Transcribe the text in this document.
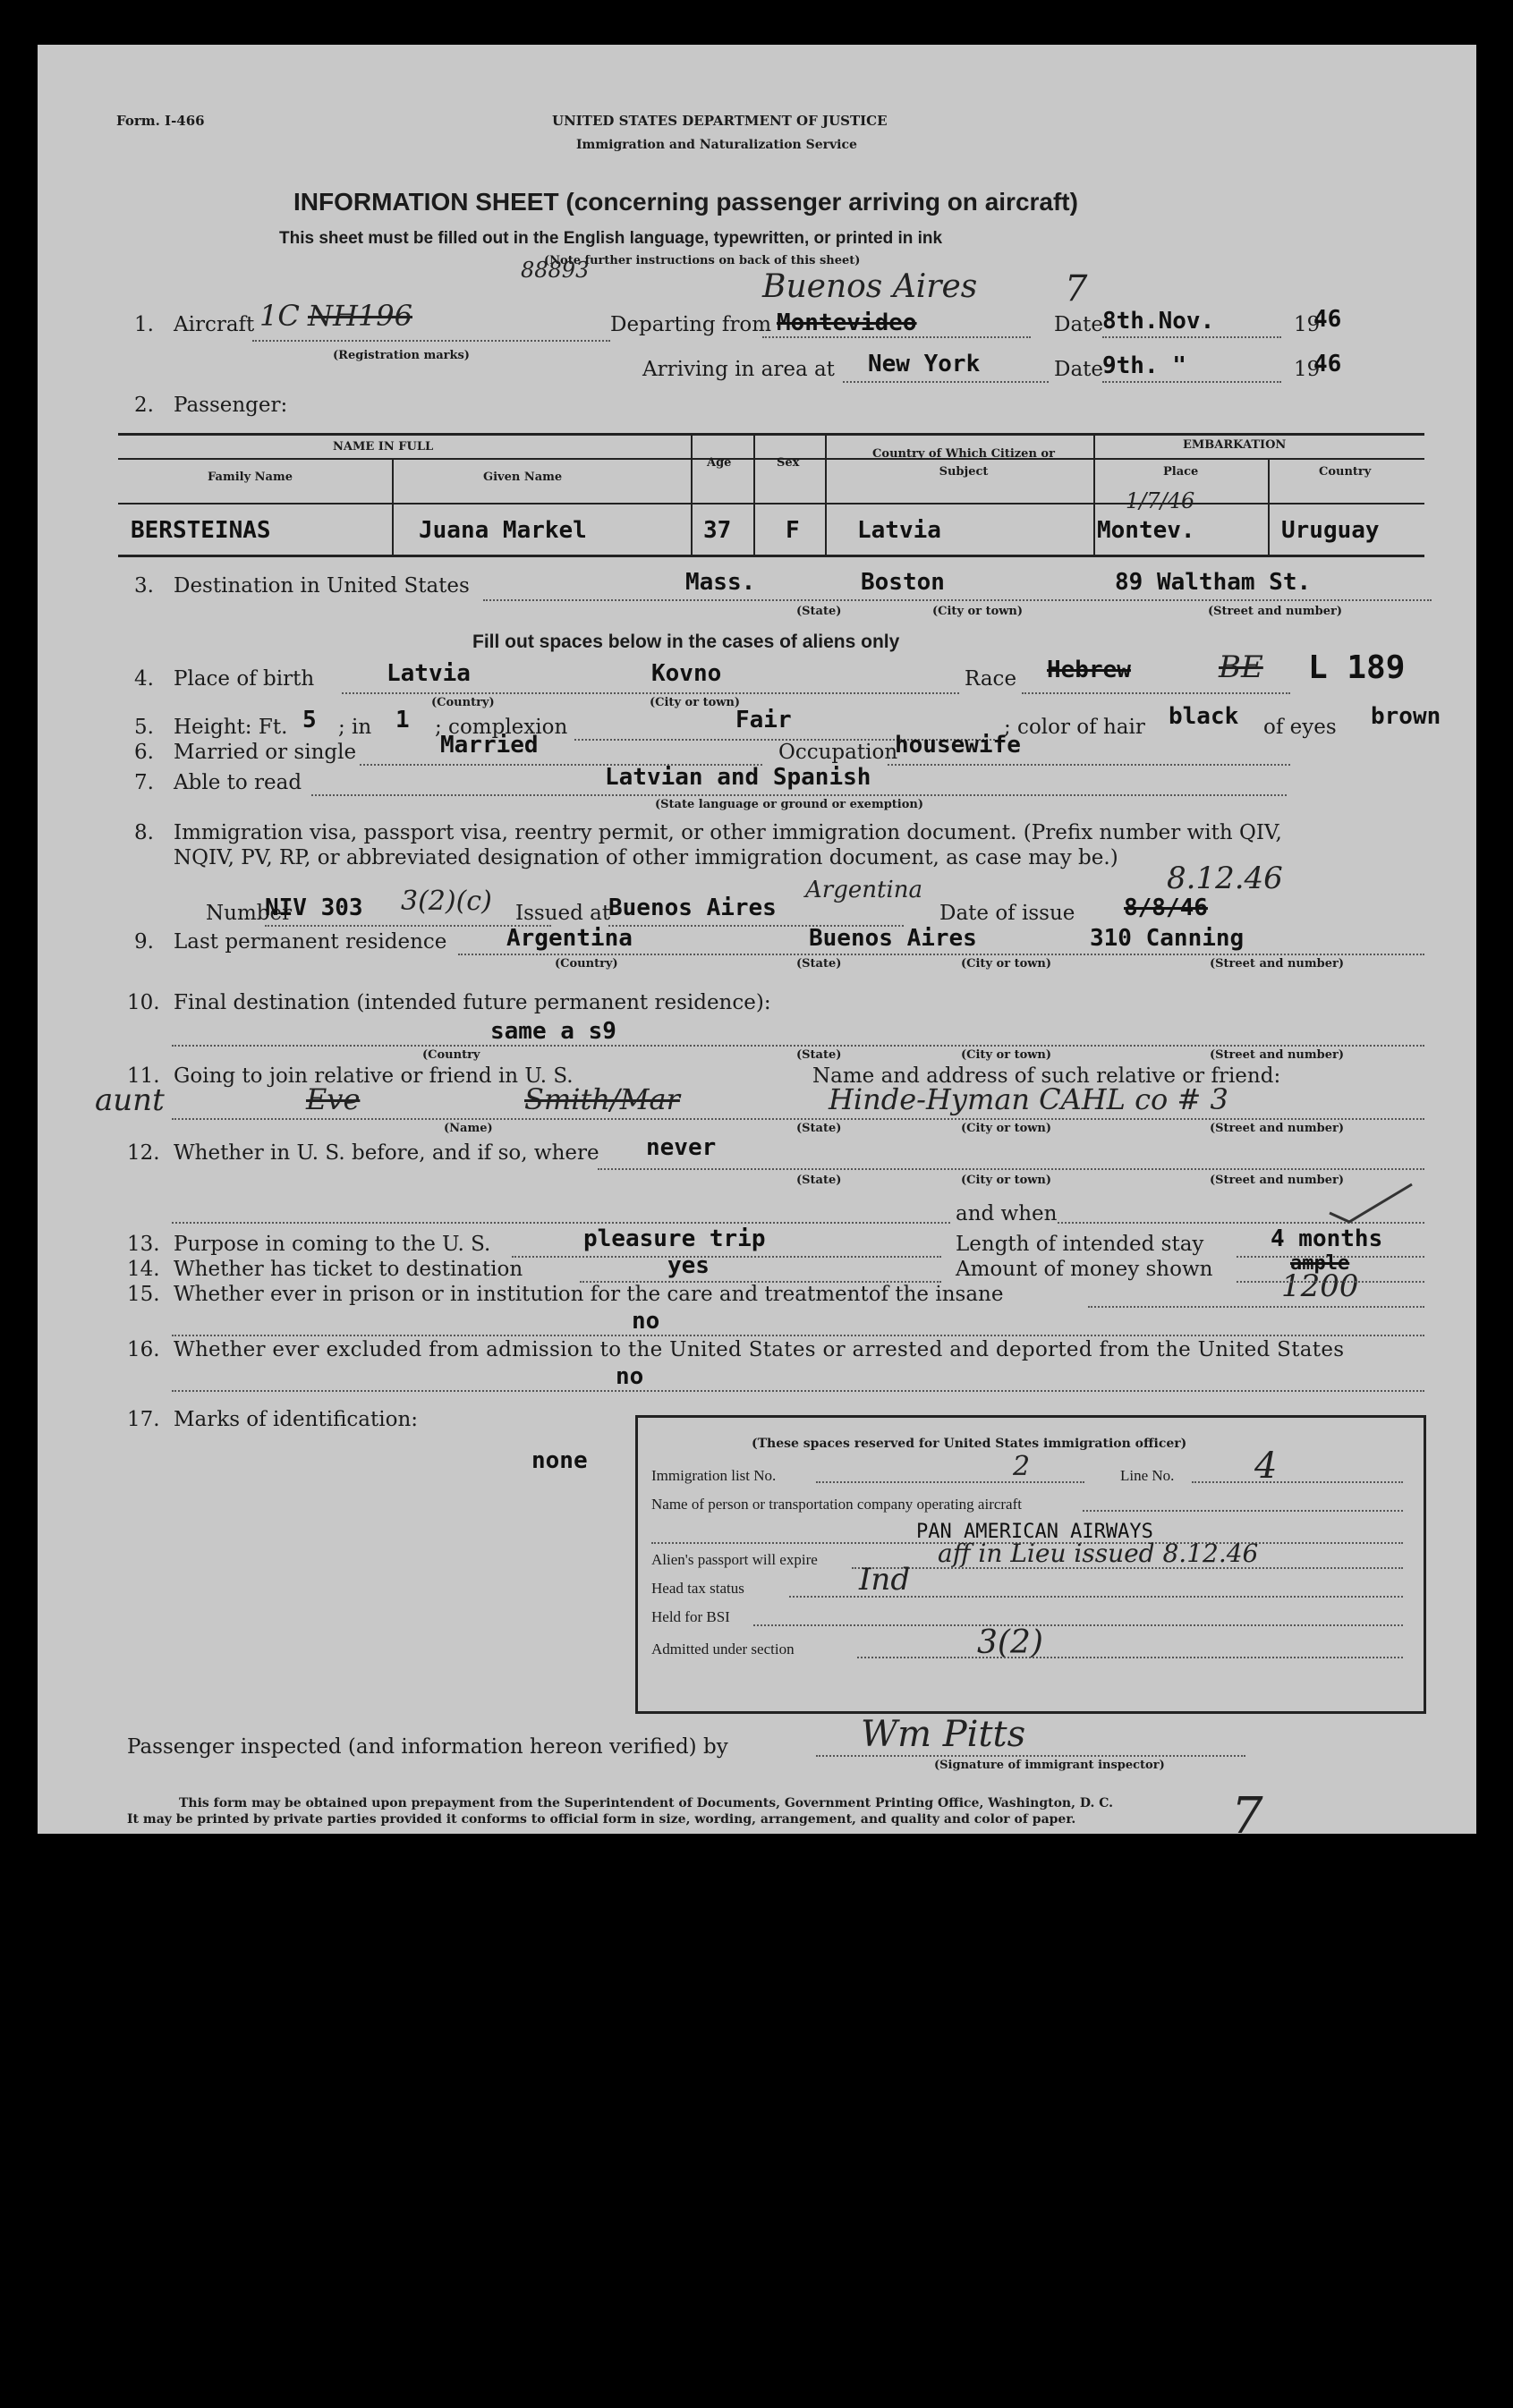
Form. I-466	UNITED STATES DEPARTMENT OF JUSTICE
Immigration and Naturalization Service
INFORMATION SHEET (concerning passenger arriving on aircraft)
This sheet must be filled out in the English language, typewritten, or printed in ink
(Note further instructions on back of this sheet)
1. Aircraft 1C NH196
88893
(Registration marks)
Departing from Montevideo
Buenos Aires 7
Date
8th.Nov.	19
46
Arriving in area at New York	Date
9th. "	19
46
2. Passenger:
NAME IN FULL	EMBARKATION
Family Name	Given Name
Age	Sex
Country of Which Citizen or Subject	Place	Country
BERSTEINAS	Juana Markel	37 F Latvia	Montev.	Uruguay
1/7/46
3. Destination in United States	Mass.	Boston	89 Waltham St.
(State)	(City or town)	(Street and number)
Fill out spaces below in the cases of aliens only
4. Place of birth	Latvia	Kovno
(Country)	(City or town)
Race Hebrew	BE L 189
5. Height: Ft. 5 ; in 1 ; complexion	Fair	; color of hair black of eyes brown
6. Married or single	Married	Occupation
housewife
7. Able to read	Latvian and Spanish
(State language or ground or exemption)
8. Immigration visa, passport visa, reentry permit, or other immigration document. (Prefix number with QIV,
NQIV, PV, RP, or abbreviated designation of other immigration document, as case may be.)
Number
NIV 303 3(2)(c) Issued at
Buenos Aires
Argentina
Date of issue 8/8/46
8.12.46
9. Last permanent residence	Argentina	Buenos Aires	310 Canning
(Country)	(State)	(City or town)	(Street and number)
10. Final destination (intended future permanent residence):
same a s9
(Country	(State)	(City or town)	(Street and number)
11. Going to join relative or friend in U. S.	Name and address of such relative or friend:
aunt	Eve	Smith/Mar	Hinde-Hyman CAHL co # 3
(Name)	(State)	(City or town)	(Street and number)
12. Whether in U. S. before, and if so, where never
(State)	(City or town)	(Street and number)
and when
13. Purpose in coming to the U. S.	pleasure trip	Length of intended stay	4 months
14. Whether has ticket to destination	yes	Amount of money shown	ample
1200
15. Whether ever in prison or in institution for the care and treatmentof the insane
no
16. Whether ever excluded from admission to the United States or arrested and deported from the United States
no
17. Marks of identification:
none
(These spaces reserved for United States immigration officer)
Immigration list No.	2	Line No. 4
Name of person or transportation company operating aircraft
PAN AMERICAN AIRWAYS
Alien's passport will expire	aff in Lieu issued 8.12.46
Head tax status	Ind
Held for BSI
Admitted under section	3(2)
Passenger inspected (and information hereon verified) by	Wm Pitts
(Signature of immigrant inspector)
This form may be obtained upon prepayment from the Superintendent of Documents, Government Printing Office, Washington, D. C.
It may be printed by private parties provided it conforms to official form in size, wording, arrangement, and quality and color of paper.	7
